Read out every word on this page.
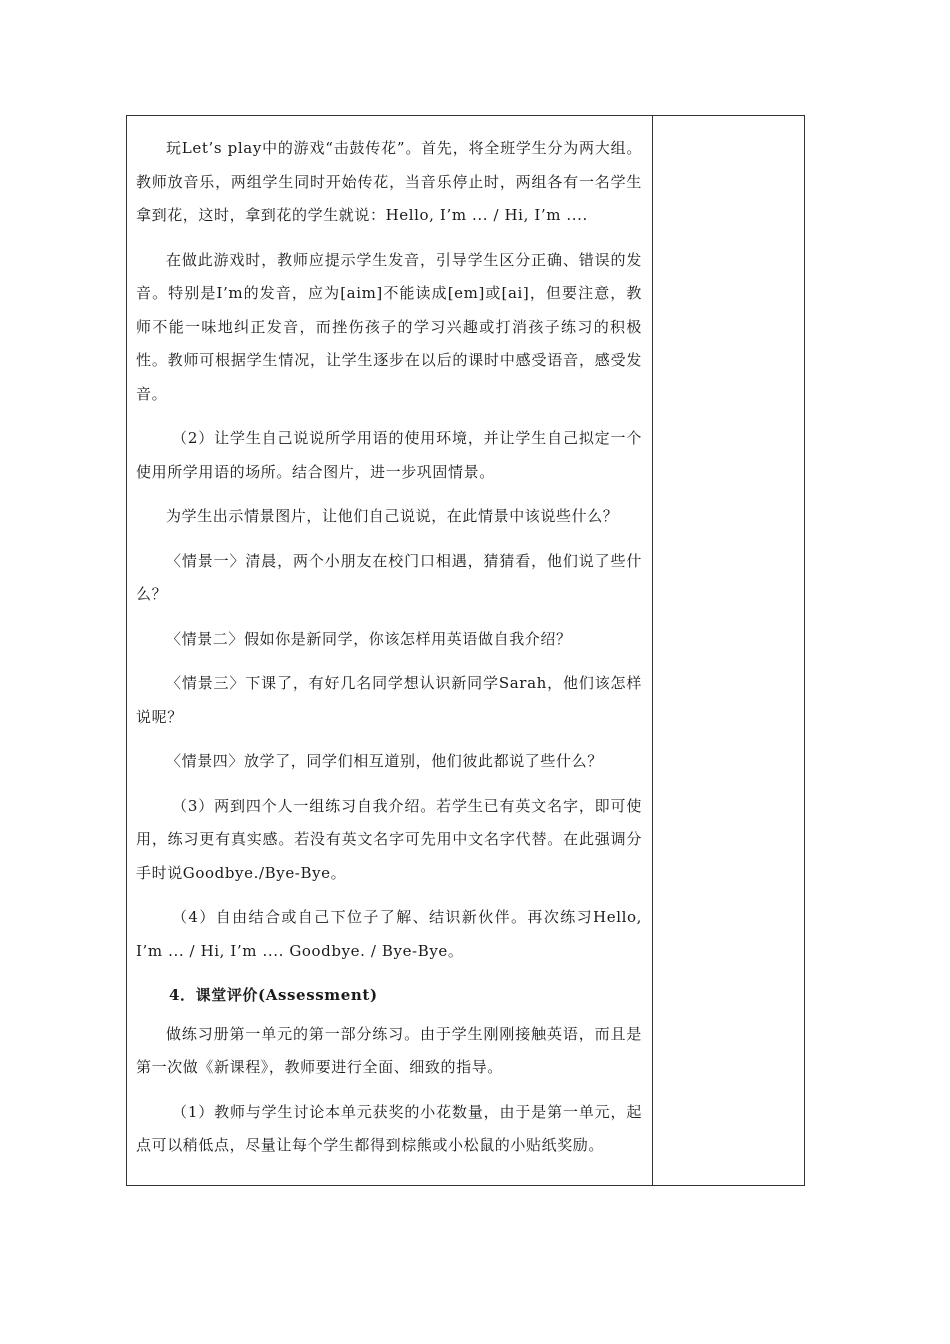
玩Let’s play中的游戏“击鼓传花”。首先，将全班学生分为两大组。教师放音乐，两组学生同时开始传花，当音乐停止时，两组各有一名学生拿到花，这时，拿到花的学生就说：Hello, I’m ... / Hi, I’m ....

在做此游戏时，教师应提示学生发音，引导学生区分正确、错误的发音。特别是I’m的发音，应为[aim]不能读成[em]或[ai]，但要注意，教师不能一味地纠正发音，而挫伤孩子的学习兴趣或打消孩子练习的积极性。教师可根据学生情况，让学生逐步在以后的课时中感受语音，感受发音。

（2）让学生自己说说所学用语的使用环境，并让学生自己拟定一个使用所学用语的场所。结合图片，进一步巩固情景。

为学生出示情景图片，让他们自己说说，在此情景中该说些什么？

〈情景一〉清晨，两个小朋友在校门口相遇，猜猜看，他们说了些什么？

〈情景二〉假如你是新同学，你该怎样用英语做自我介绍？

〈情景三〉下课了，有好几名同学想认识新同学Sarah，他们该怎样说呢？

〈情景四〉放学了，同学们相互道别，他们彼此都说了些什么？

（3）两到四个人一组练习自我介绍。若学生已有英文名字，即可使用，练习更有真实感。若没有英文名字可先用中文名字代替。在此强调分手时说Goodbye./Bye-Bye。

（4）自由结合或自己下位子了解、结识新伙伴。再次练习Hello, I’m ... / Hi, I’m .... Goodbye. / Bye-Bye。

4．课堂评价(Assessment)

做练习册第一单元的第一部分练习。由于学生刚刚接触英语，而且是第一次做《新课程》，教师要进行全面、细致的指导。

（1）教师与学生讨论本单元获奖的小花数量，由于是第一单元，起点可以稍低点，尽量让每个学生都得到棕熊或小松鼠的小贴纸奖励。
